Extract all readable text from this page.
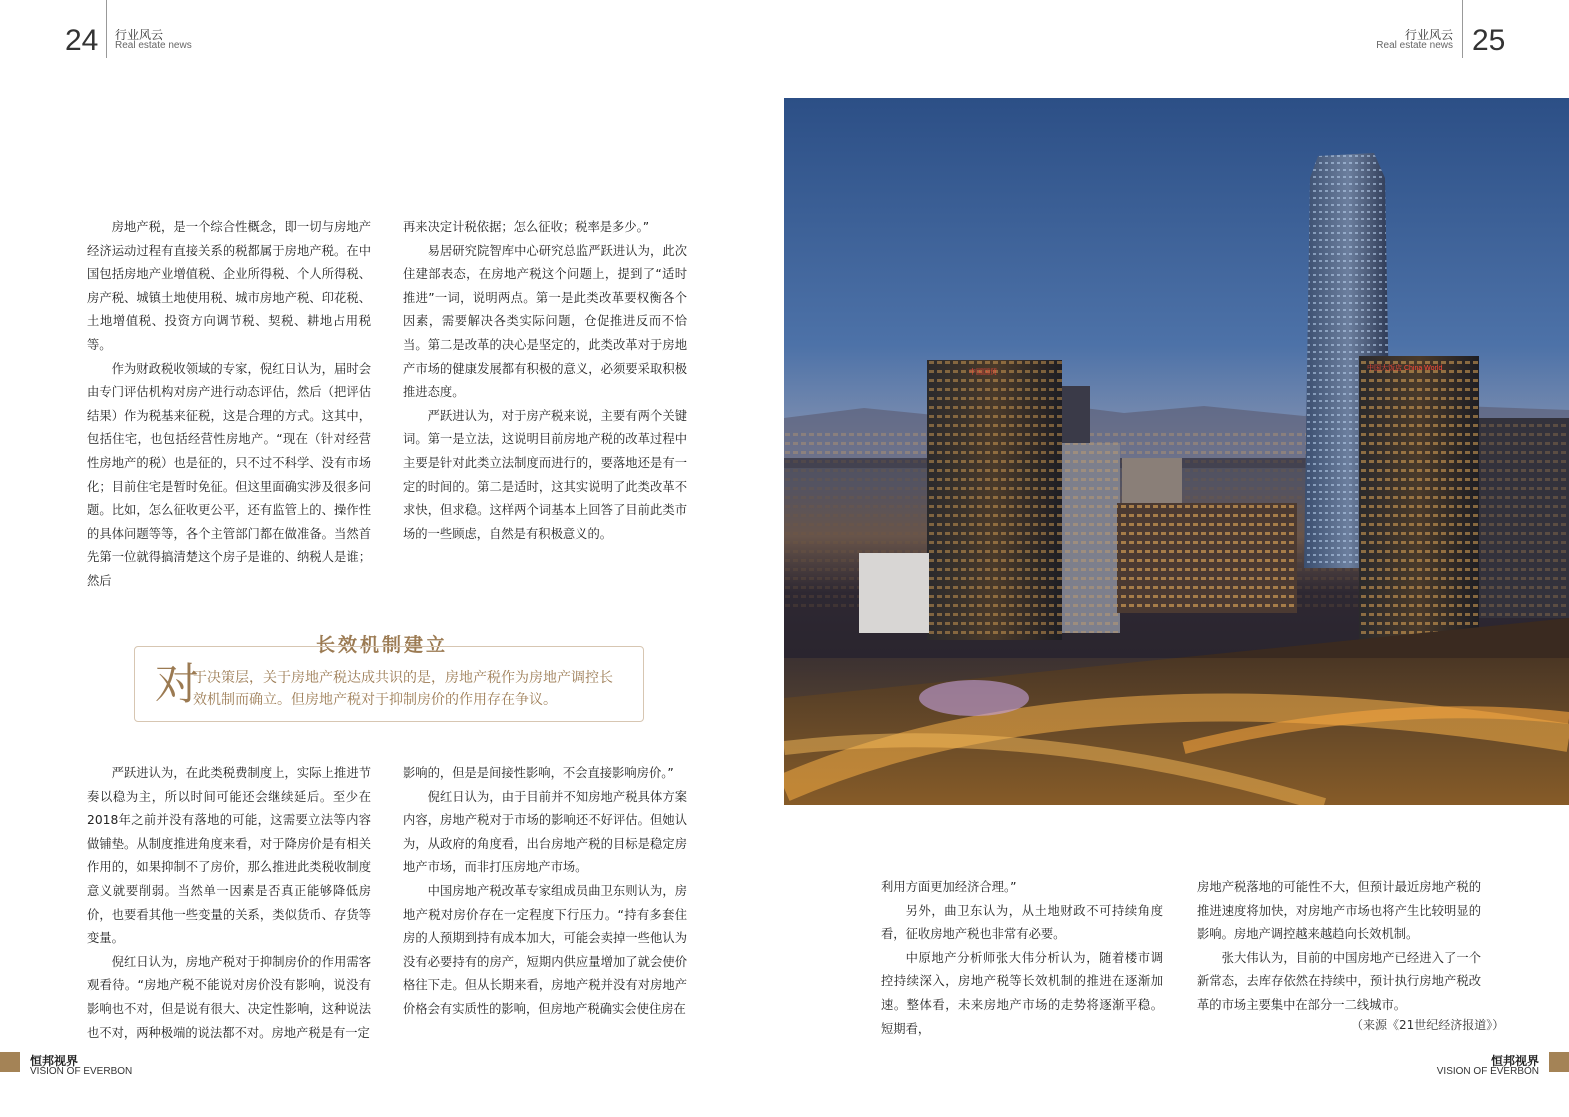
24 行业风云
Real estate news

房地产税，是一个综合性概念，即一切与房地产经济运动过程有直接关系的税都属于房地产税。在中国包括房地产业增值税、企业所得税、个人所得税、房产税、城镇土地使用税、城市房地产税、印花税、土地增值税、投资方向调节税、契税、耕地占用税等。

作为财政税收领域的专家，倪红日认为，届时会由专门评估机构对房产进行动态评估，然后（把评估结果）作为税基来征税，这是合理的方式。这其中，包括住宅，也包括经营性房地产。“现在（针对经营性房地产的税）也是征的，只不过不科学、没有市场化；目前住宅是暂时免征。但这里面确实涉及很多问题。比如，怎么征收更公平，还有监管上的、操作性的具体问题等等，各个主管部门都在做准备。当然首先第一位就得搞清楚这个房子是谁的、纳税人是谁；然后

再来决定计税依据；怎么征收；税率是多少。”

易居研究院智库中心研究总监严跃进认为，此次住建部表态，在房地产税这个问题上，提到了“适时推进”一词，说明两点。第一是此类改革要权衡各个因素，需要解决各类实际问题，仓促推进反而不恰当。第二是改革的决心是坚定的，此类改革对于房地产市场的健康发展都有积极的意义，必须要采取积极推进态度。

严跃进认为，对于房产税来说，主要有两个关键词。第一是立法，这说明目前房地产税的改革过程中主要是针对此类立法制度而进行的，要落地还是有一定的时间的。第二是适时，这其实说明了此类改革不求快，但求稳。这样两个词基本上回答了目前此类市场的一些顾虑，自然是有积极意义的。

长效机制建立
对
于决策层，关于房地产税达成共识的是，房地产税作为房地产调控长效机制而确立。但房地产税对于抑制房价的作用存在争议。

严跃进认为，在此类税费制度上，实际上推进节奏以稳为主，所以时间可能还会继续延后。至少在2018年之前并没有落地的可能，这需要立法等内容做铺垫。从制度推进角度来看，对于降房价是有相关作用的，如果抑制不了房价，那么推进此类税收制度意义就要削弱。当然单一因素是否真正能够降低房价，也要看其他一些变量的关系，类似货币、存货等变量。

倪红日认为，房地产税对于抑制房价的作用需客观看待。“房地产税不能说对房价没有影响，说没有影响也不对，但是说有很大、决定性影响，这种说法也不对，两种极端的说法都不对。房地产税是有一定

影响的，但是是间接性影响，不会直接影响房价。”

倪红日认为，由于目前并不知房地产税具体方案内容，房地产税对于市场的影响还不好评估。但她认为，从政府的角度看，出台房地产税的目标是稳定房地产市场，而非打压房地产市场。

中国房地产税改革专家组成员曲卫东则认为，房地产税对房价存在一定程度下行压力。“持有多套住房的人预期到持有成本加大，可能会卖掉一些他认为没有必要持有的房产，短期内供应量增加了就会使价格往下走。但从长期来看，房地产税并没有对房地产价格会有实质性的影响，但房地产税确实会使住房在

恒邦视界
VISION OF EVERBON
行业风云
Real estate news 25
中国国贸
中国大饭店 China World

利用方面更加经济合理。”

另外，曲卫东认为，从土地财政不可持续角度看，征收房地产税也非常有必要。

中原地产分析师张大伟分析认为，随着楼市调控持续深入，房地产税等长效机制的推进在逐渐加速。整体看，未来房地产市场的走势将逐渐平稳。短期看，

房地产税落地的可能性不大，但预计最近房地产税的推进速度将加快，对房地产市场也将产生比较明显的影响。房地产调控越来越趋向长效机制。

张大伟认为，目前的中国房地产已经进入了一个新常态，去库存依然在持续中，预计执行房地产税改革的市场主要集中在部分一二线城市。

（来源《21世纪经济报道》）
恒邦视界
VISION OF EVERBON
